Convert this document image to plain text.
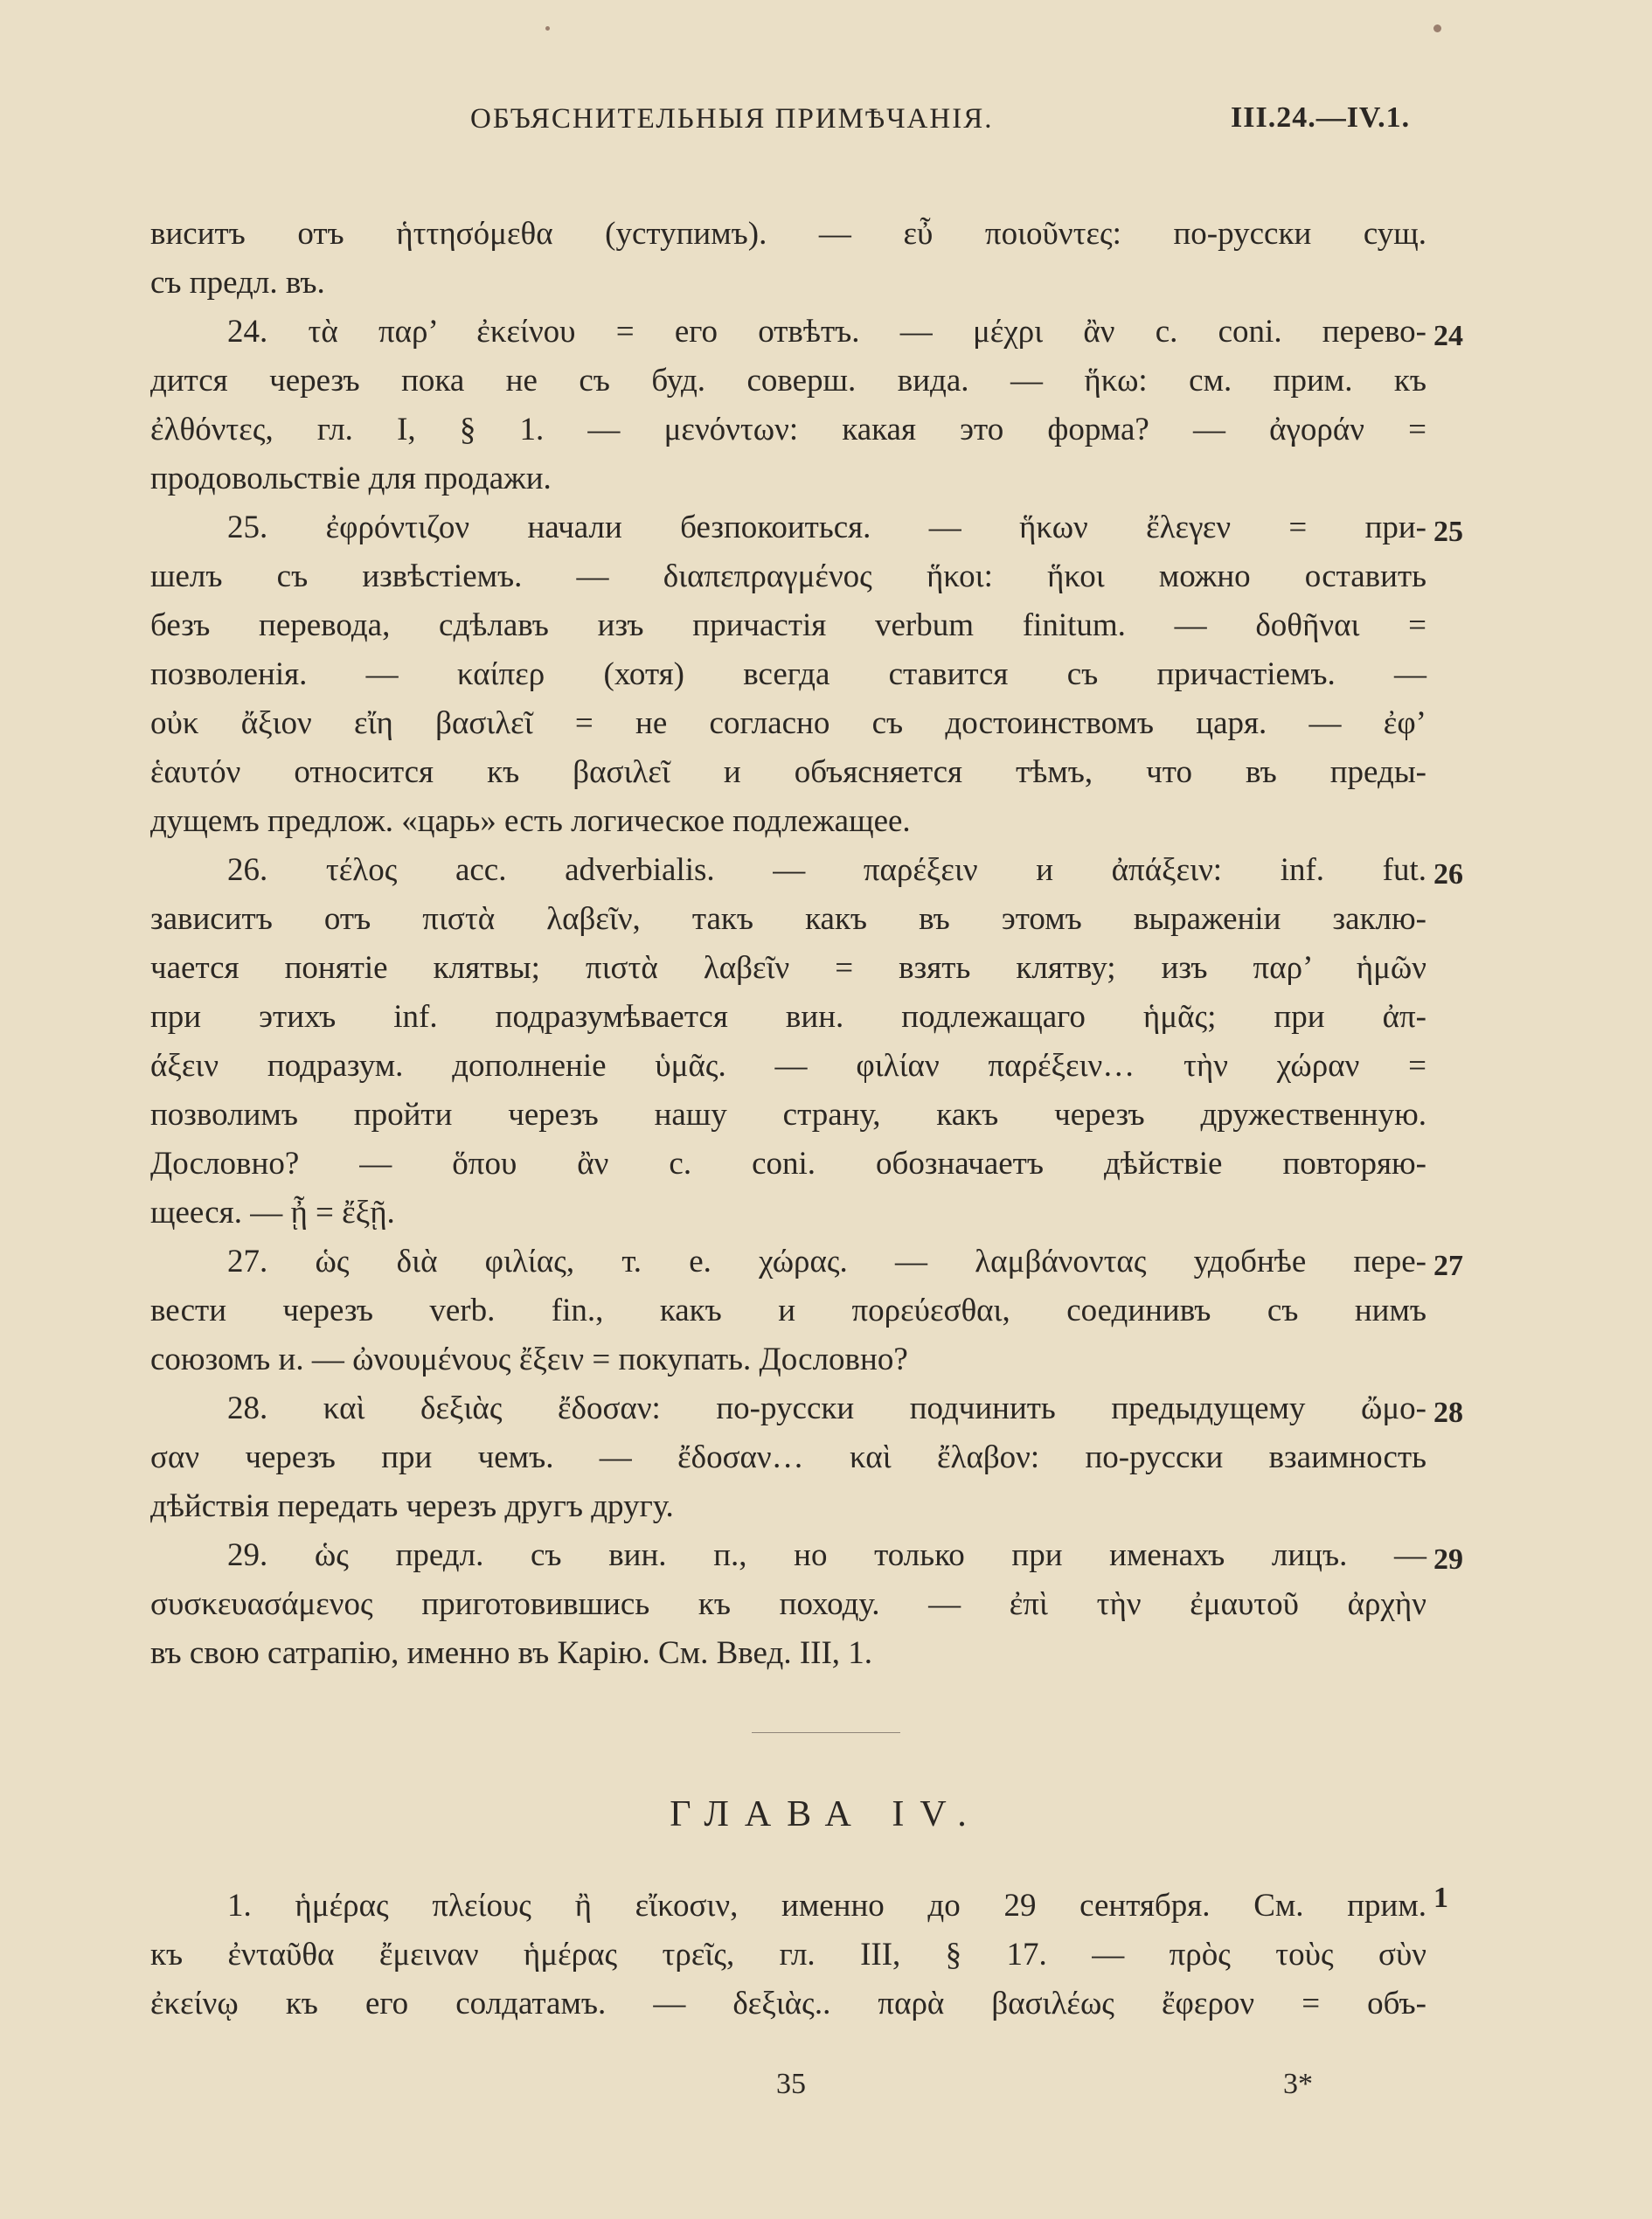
ОБЪЯСНИТЕЛЬНЫЯ ПРИМѢЧАНІЯ.	III.24.—IV.1.
виситъ отъ ἡττησόμεθα (уступимъ). — εὖ ποιοῦντες: по-русски сущ.
съ предл. въ.
24. τὰ παρ’ ἐκείνου = его отвѣтъ. — μέχρι ἂν c. coni. перево-
дится черезъ пока не съ буд. соверш. вида. — ἥκω: см. прим. къ
ἐλθόντες, гл. I, § 1. — μενόντων: какая это форма? — ἀγοράν =
продовольствіе для продажи.
25. ἐφρόντιζον начали безпокоиться. — ἥκων ἔλεγεν = при-
шелъ съ извѣстіемъ. — διαπεπραγμένος ἥκοι: ἥκοι можно оставить
безъ перевода, сдѣлавъ изъ причастія verbum finitum. — δοθῆναι =
позволенія. — καίπερ (хотя) всегда ставится съ причастіемъ. —
οὐκ ἄξιον εἴη βασιλεῖ = не согласно съ достоинствомъ царя. — ἐφ’
ἑαυτόν относится къ βασιλεῖ и объясняется тѣмъ, что въ преды-
дущемъ предлож. «царь» есть логическое подлежащее.
26. τέλος acc. adverbialis. — παρέξειν и ἀπάξειν: inf. fut.
зависитъ отъ πιστὰ λαβεῖν, такъ какъ въ этомъ выраженіи заклю-
чается понятіе клятвы; πιστὰ λαβεῖν = взять клятву; изъ παρ’ ἡμῶν
при этихъ inf. подразумѣвается вин. подлежащаго ἡμᾶς; при ἀπ-
άξειν подразум. дополненіе ὑμᾶς. — φιλίαν παρέξειν… τὴν χώραν =
позволимъ пройти черезъ нашу страну, какъ черезъ дружественную.
Дословно? — ὅπου ἂν c. coni. обозначаетъ дѣйствіе повторяю-
щееся. — ᾖ = ἔξῇ.
27. ὡς διὰ φιλίας, т. е. χώρας. — λαμβάνοντας удобнѣе пере-
вести черезъ verb. fin., какъ и πορεύεσθαι, соединивъ съ нимъ
союзомъ и. — ὠνουμένους ἔξειν = покупать. Дословно?
28. καὶ δεξιὰς ἔδοσαν: по-русски подчинить предыдущему ὤμο-
σαν черезъ при чемъ. — ἔδοσαν… καὶ ἔλαβον: по-русски взаимность
дѣйствія передать черезъ другъ другу.
29. ὡς предл. съ вин. п., но только при именахъ лицъ. —
συσκευασάμενος приготовившись къ походу. — ἐπὶ τὴν ἐμαυτοῦ ἀρχὴν
въ свою сатрапію, именно въ Карію. См. Введ. III, 1.
24
25
26
27
28
29
ГЛАВА IV.
1. ἡμέρας πλείους ἢ εἴκοσιν, именно до 29 сентября. См. прим.
къ ἐνταῦθα ἔμειναν ἡμέρας τρεῖς, гл. III, § 17. — πρὸς τοὺς σὺν
ἐκείνῳ къ его солдатамъ. — δεξιὰς.. παρὰ βασιλέως ἔφερον = объ-
1
35	3*
